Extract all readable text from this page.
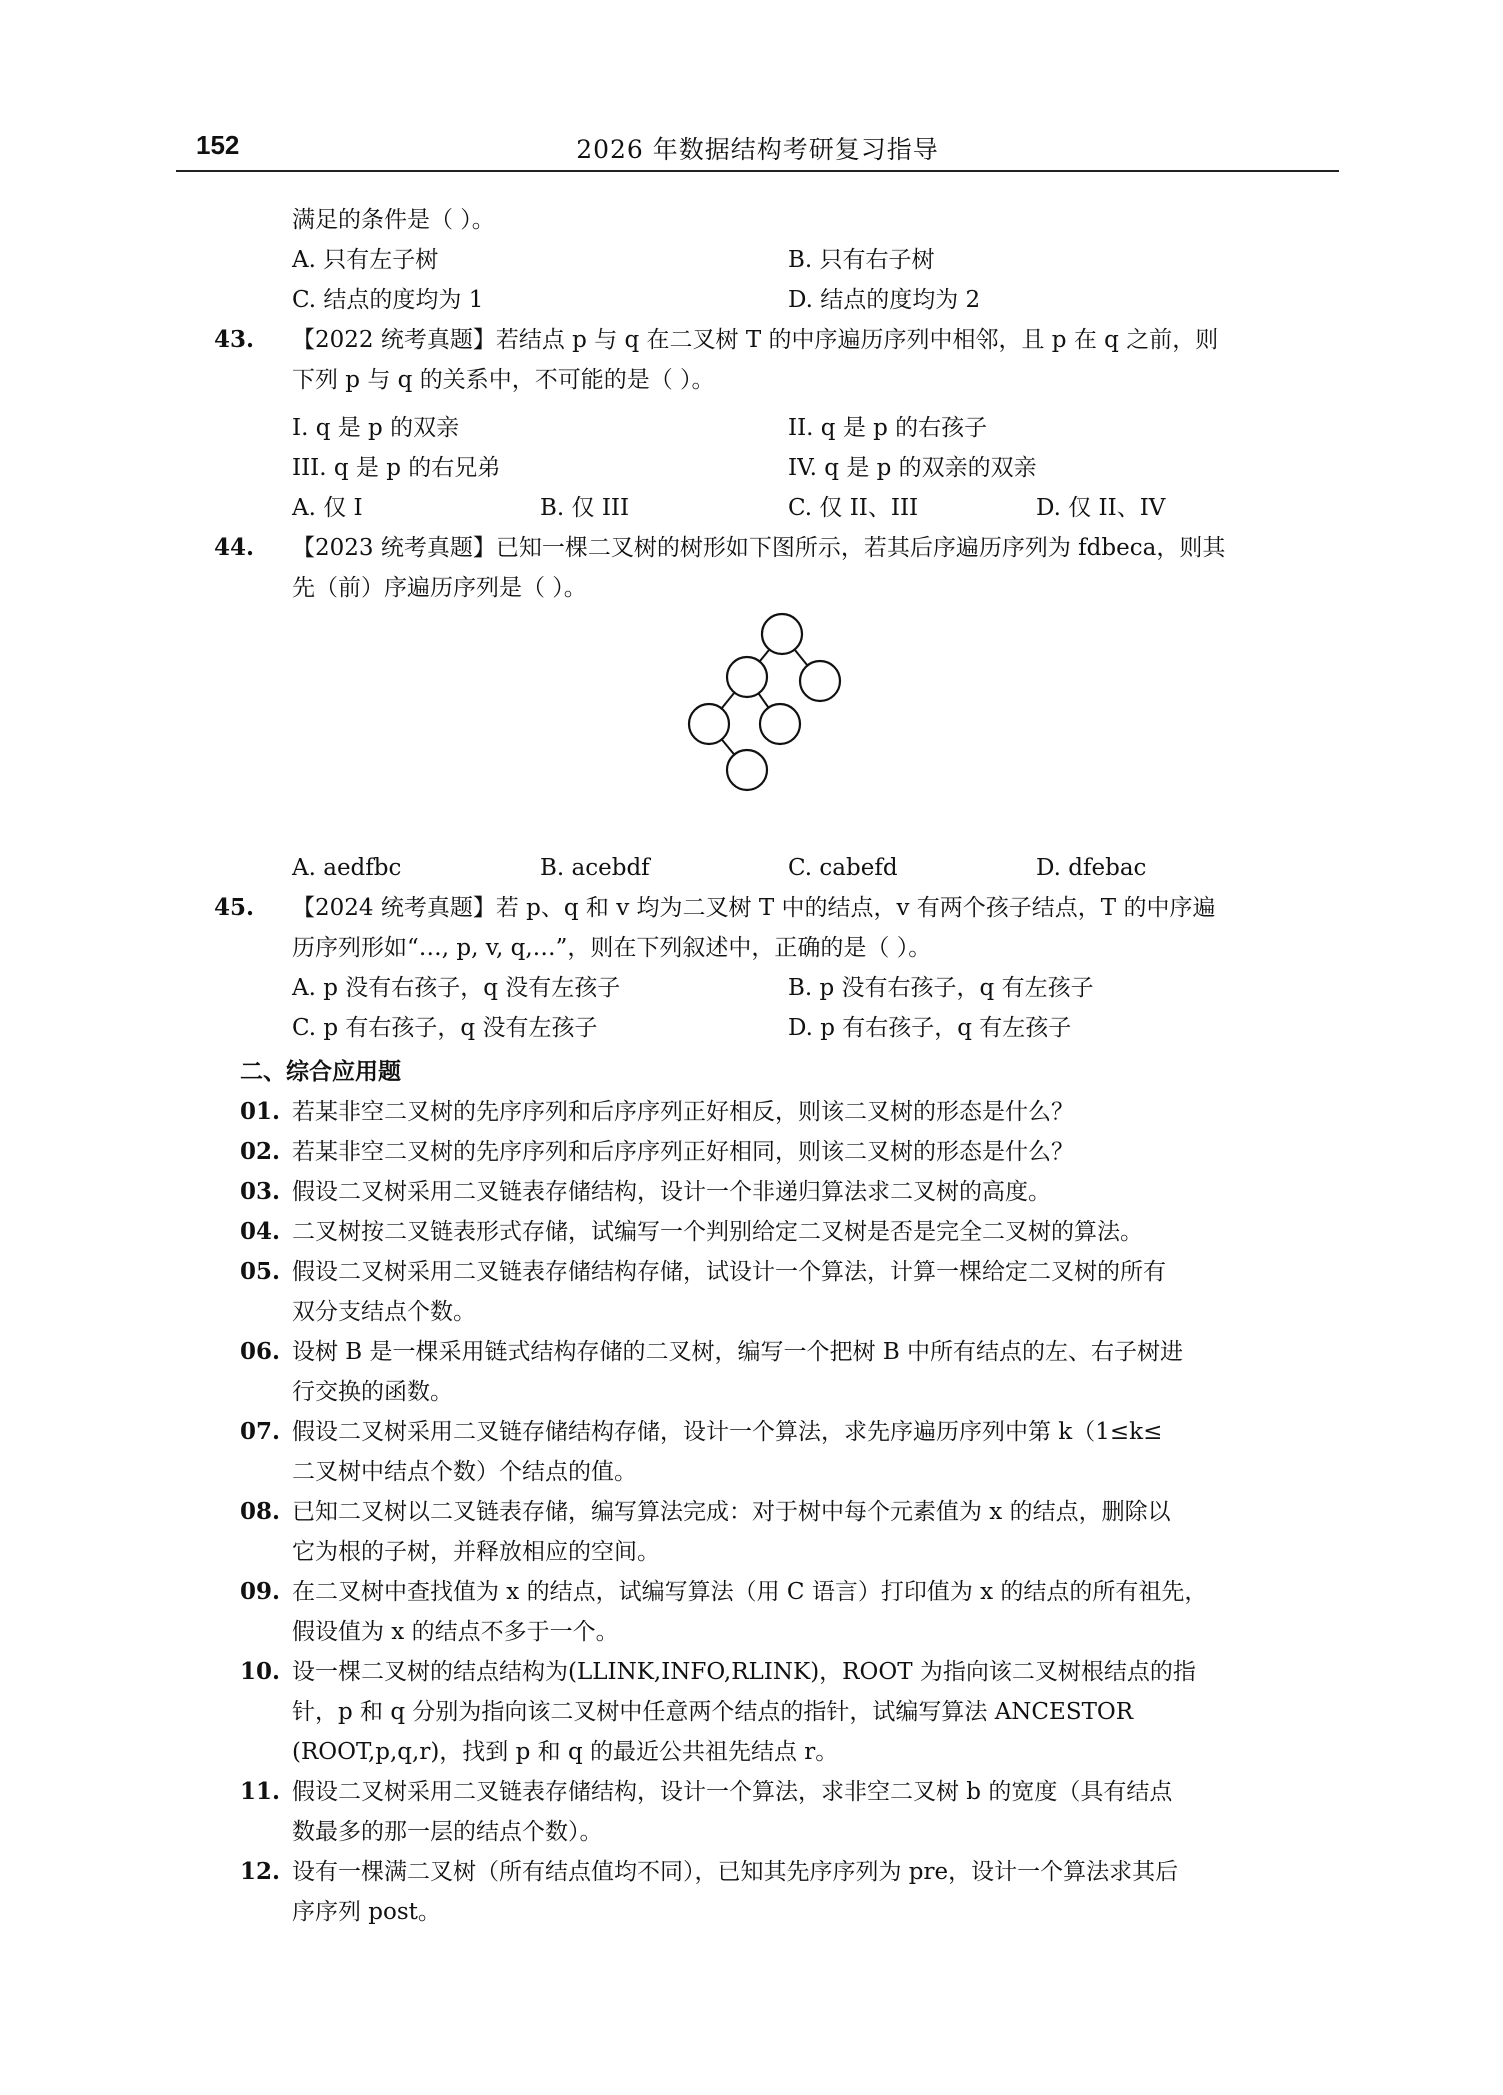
152	2026 年数据结构考研复习指导
满足的条件是（ ）。
A. 只有左子树	B. 只有右子树
C. 结点的度均为 1	D. 结点的度均为 2
43. 【2022 统考真题】若结点 p 与 q 在二叉树 T 的中序遍历序列中相邻，且 p 在 q 之前，则
下列 p 与 q 的关系中，不可能的是（ ）。
I. q 是 p 的双亲	II. q 是 p 的右孩子
III. q 是 p 的右兄弟	IV. q 是 p 的双亲的双亲
A. 仅 I	B. 仅 III	C. 仅 II、III	D. 仅 II、IV
44. 【2023 统考真题】已知一棵二叉树的树形如下图所示，若其后序遍历序列为 fdbeca，则其
先（前）序遍历序列是（ ）。
A. aedfbc	B. acebdf	C. cabefd	D. dfebac
45. 【2024 统考真题】若 p、q 和 v 均为二叉树 T 中的结点，v 有两个孩子结点，T 的中序遍
历序列形如“…, p, v, q,…”，则在下列叙述中，正确的是（ ）。
A. p 没有右孩子，q 没有左孩子	B. p 没有右孩子，q 有左孩子
C. p 有右孩子，q 没有左孩子	D. p 有右孩子，q 有左孩子
二、综合应用题
01. 若某非空二叉树的先序序列和后序序列正好相反，则该二叉树的形态是什么？
02. 若某非空二叉树的先序序列和后序序列正好相同，则该二叉树的形态是什么？
03. 假设二叉树采用二叉链表存储结构，设计一个非递归算法求二叉树的高度。
04. 二叉树按二叉链表形式存储，试编写一个判别给定二叉树是否是完全二叉树的算法。
05. 假设二叉树采用二叉链表存储结构存储，试设计一个算法，计算一棵给定二叉树的所有
双分支结点个数。
06. 设树 B 是一棵采用链式结构存储的二叉树，编写一个把树 B 中所有结点的左、右子树进
行交换的函数。
07. 假设二叉树采用二叉链存储结构存储，设计一个算法，求先序遍历序列中第 k（1≤k≤
二叉树中结点个数）个结点的值。
08. 已知二叉树以二叉链表存储，编写算法完成：对于树中每个元素值为 x 的结点，删除以
它为根的子树，并释放相应的空间。
09. 在二叉树中查找值为 x 的结点，试编写算法（用 C 语言）打印值为 x 的结点的所有祖先，
假设值为 x 的结点不多于一个。
10. 设一棵二叉树的结点结构为(LLINK,INFO,RLINK)，ROOT 为指向该二叉树根结点的指
针，p 和 q 分别为指向该二叉树中任意两个结点的指针，试编写算法 ANCESTOR
(ROOT,p,q,r)，找到 p 和 q 的最近公共祖先结点 r。
11. 假设二叉树采用二叉链表存储结构，设计一个算法，求非空二叉树 b 的宽度（具有结点
数最多的那一层的结点个数）。
12. 设有一棵满二叉树（所有结点值均不同），已知其先序序列为 pre，设计一个算法求其后
序序列 post。
